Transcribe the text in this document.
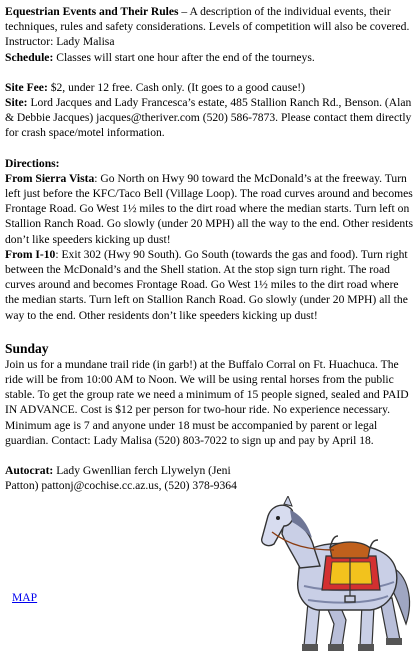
Equestrian Events and Their Rules – A description of the individual events, their techniques, rules and safety considerations. Levels of competition will also be covered. Instructor: Lady Malisa
Schedule: Classes will start one hour after the end of the tourneys.

Site Fee: $2, under 12 free. Cash only. (It goes to a good cause!)
Site: Lord Jacques and Lady Francesca’s estate, 485 Stallion Ranch Rd., Benson. (Alan & Debbie Jacques) jacques@theriver.com (520) 586-7873. Please contact them directly for crash space/motel information.

Directions:
From Sierra Vista: Go North on Hwy 90 toward the McDonald’s at the freeway. Turn left just before the KFC/Taco Bell (Village Loop). The road curves around and becomes Frontage Road. Go West 1½ miles to the dirt road where the median starts. Turn left on Stallion Ranch Road. Go slowly (under 20 MPH) all the way to the end. Other residents don’t like speeders kicking up dust!
From I-10: Exit 302 (Hwy 90 South). Go South (towards the gas and food). Turn right between the McDonald’s and the Shell station. At the stop sign turn right. The road curves around and becomes Frontage Road. Go West 1½ miles to the dirt road where the median starts. Turn left on Stallion Ranch Road. Go slowly (under 20 MPH) all the way to the end. Other residents don’t like speeders kicking up dust!

Sunday

Join us for a mundane trail ride (in garb!) at the Buffalo Corral on Ft. Huachuca. The ride will be from 10:00 AM to Noon. We will be using rental horses from the public stable. To get the group rate we need a minimum of 15 people signed, sealed and PAID IN ADVANCE. Cost is $12 per person for two-hour ride. No experience necessary. Minimum age is 7 and anyone under 18 must be accompanied by parent or legal guardian. Contact: Lady Malisa (520) 803-7022 to sign up and pay by April 18.

Autocrat: Lady Gwenllian ferch Llywelyn (Jeni Patton) pattonj@cochise.cc.az.us, (520) 378-9364

MAP
